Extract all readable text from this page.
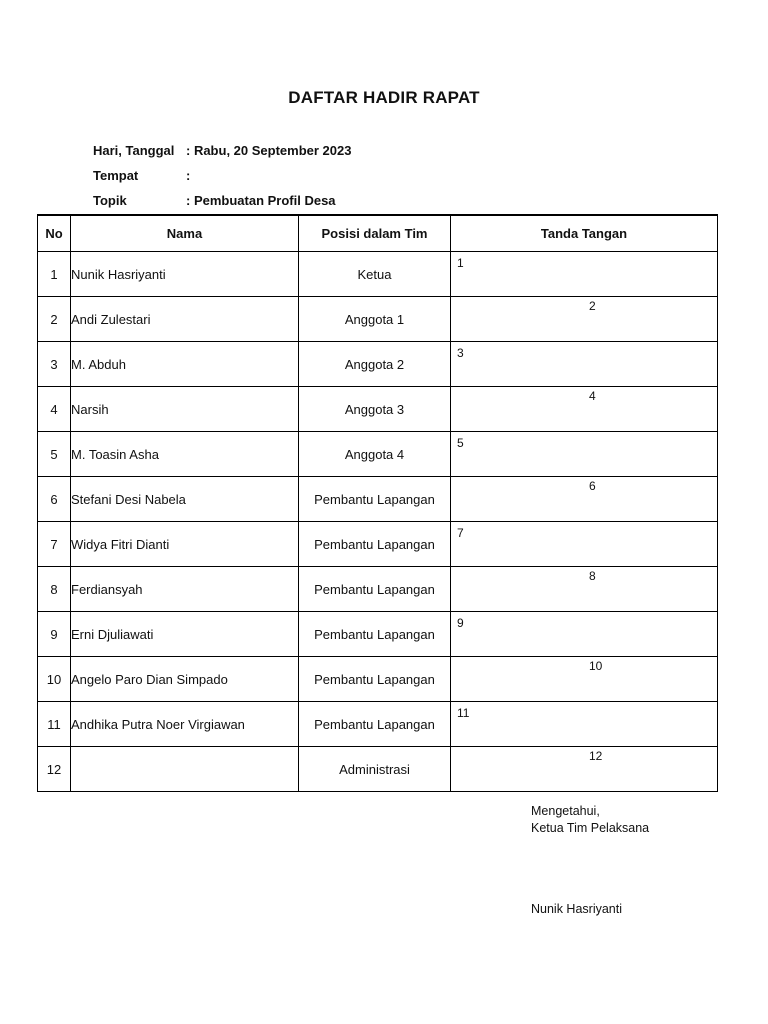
DAFTAR HADIR RAPAT
Hari, Tanggal : Rabu, 20 September 2023
Tempat	:
Topik	: Pembuatan Profil Desa
No	Nama	Posisi dalam Tim	Tanda Tangan
1	Nunik Hasriyanti	Ketua	1

2	Andi Zulestari	Anggota 1	2

3	M. Abduh	Anggota 2	3

4	Narsih	Anggota 3	4

5	M. Toasin Asha	Anggota 4	5

6	Stefani Desi Nabela	Pembantu Lapangan	6

7	Widya Fitri Dianti	Pembantu Lapangan	7

8	Ferdiansyah	Pembantu Lapangan	8

9	Erni Djuliawati	Pembantu Lapangan	9

10	Angelo Paro Dian Simpado	Pembantu Lapangan	10

11	Andhika Putra Noer Virgiawan	Pembantu Lapangan	11

12		Administrasi	12
Mengetahui,
Ketua Tim Pelaksana
Nunik Hasriyanti
